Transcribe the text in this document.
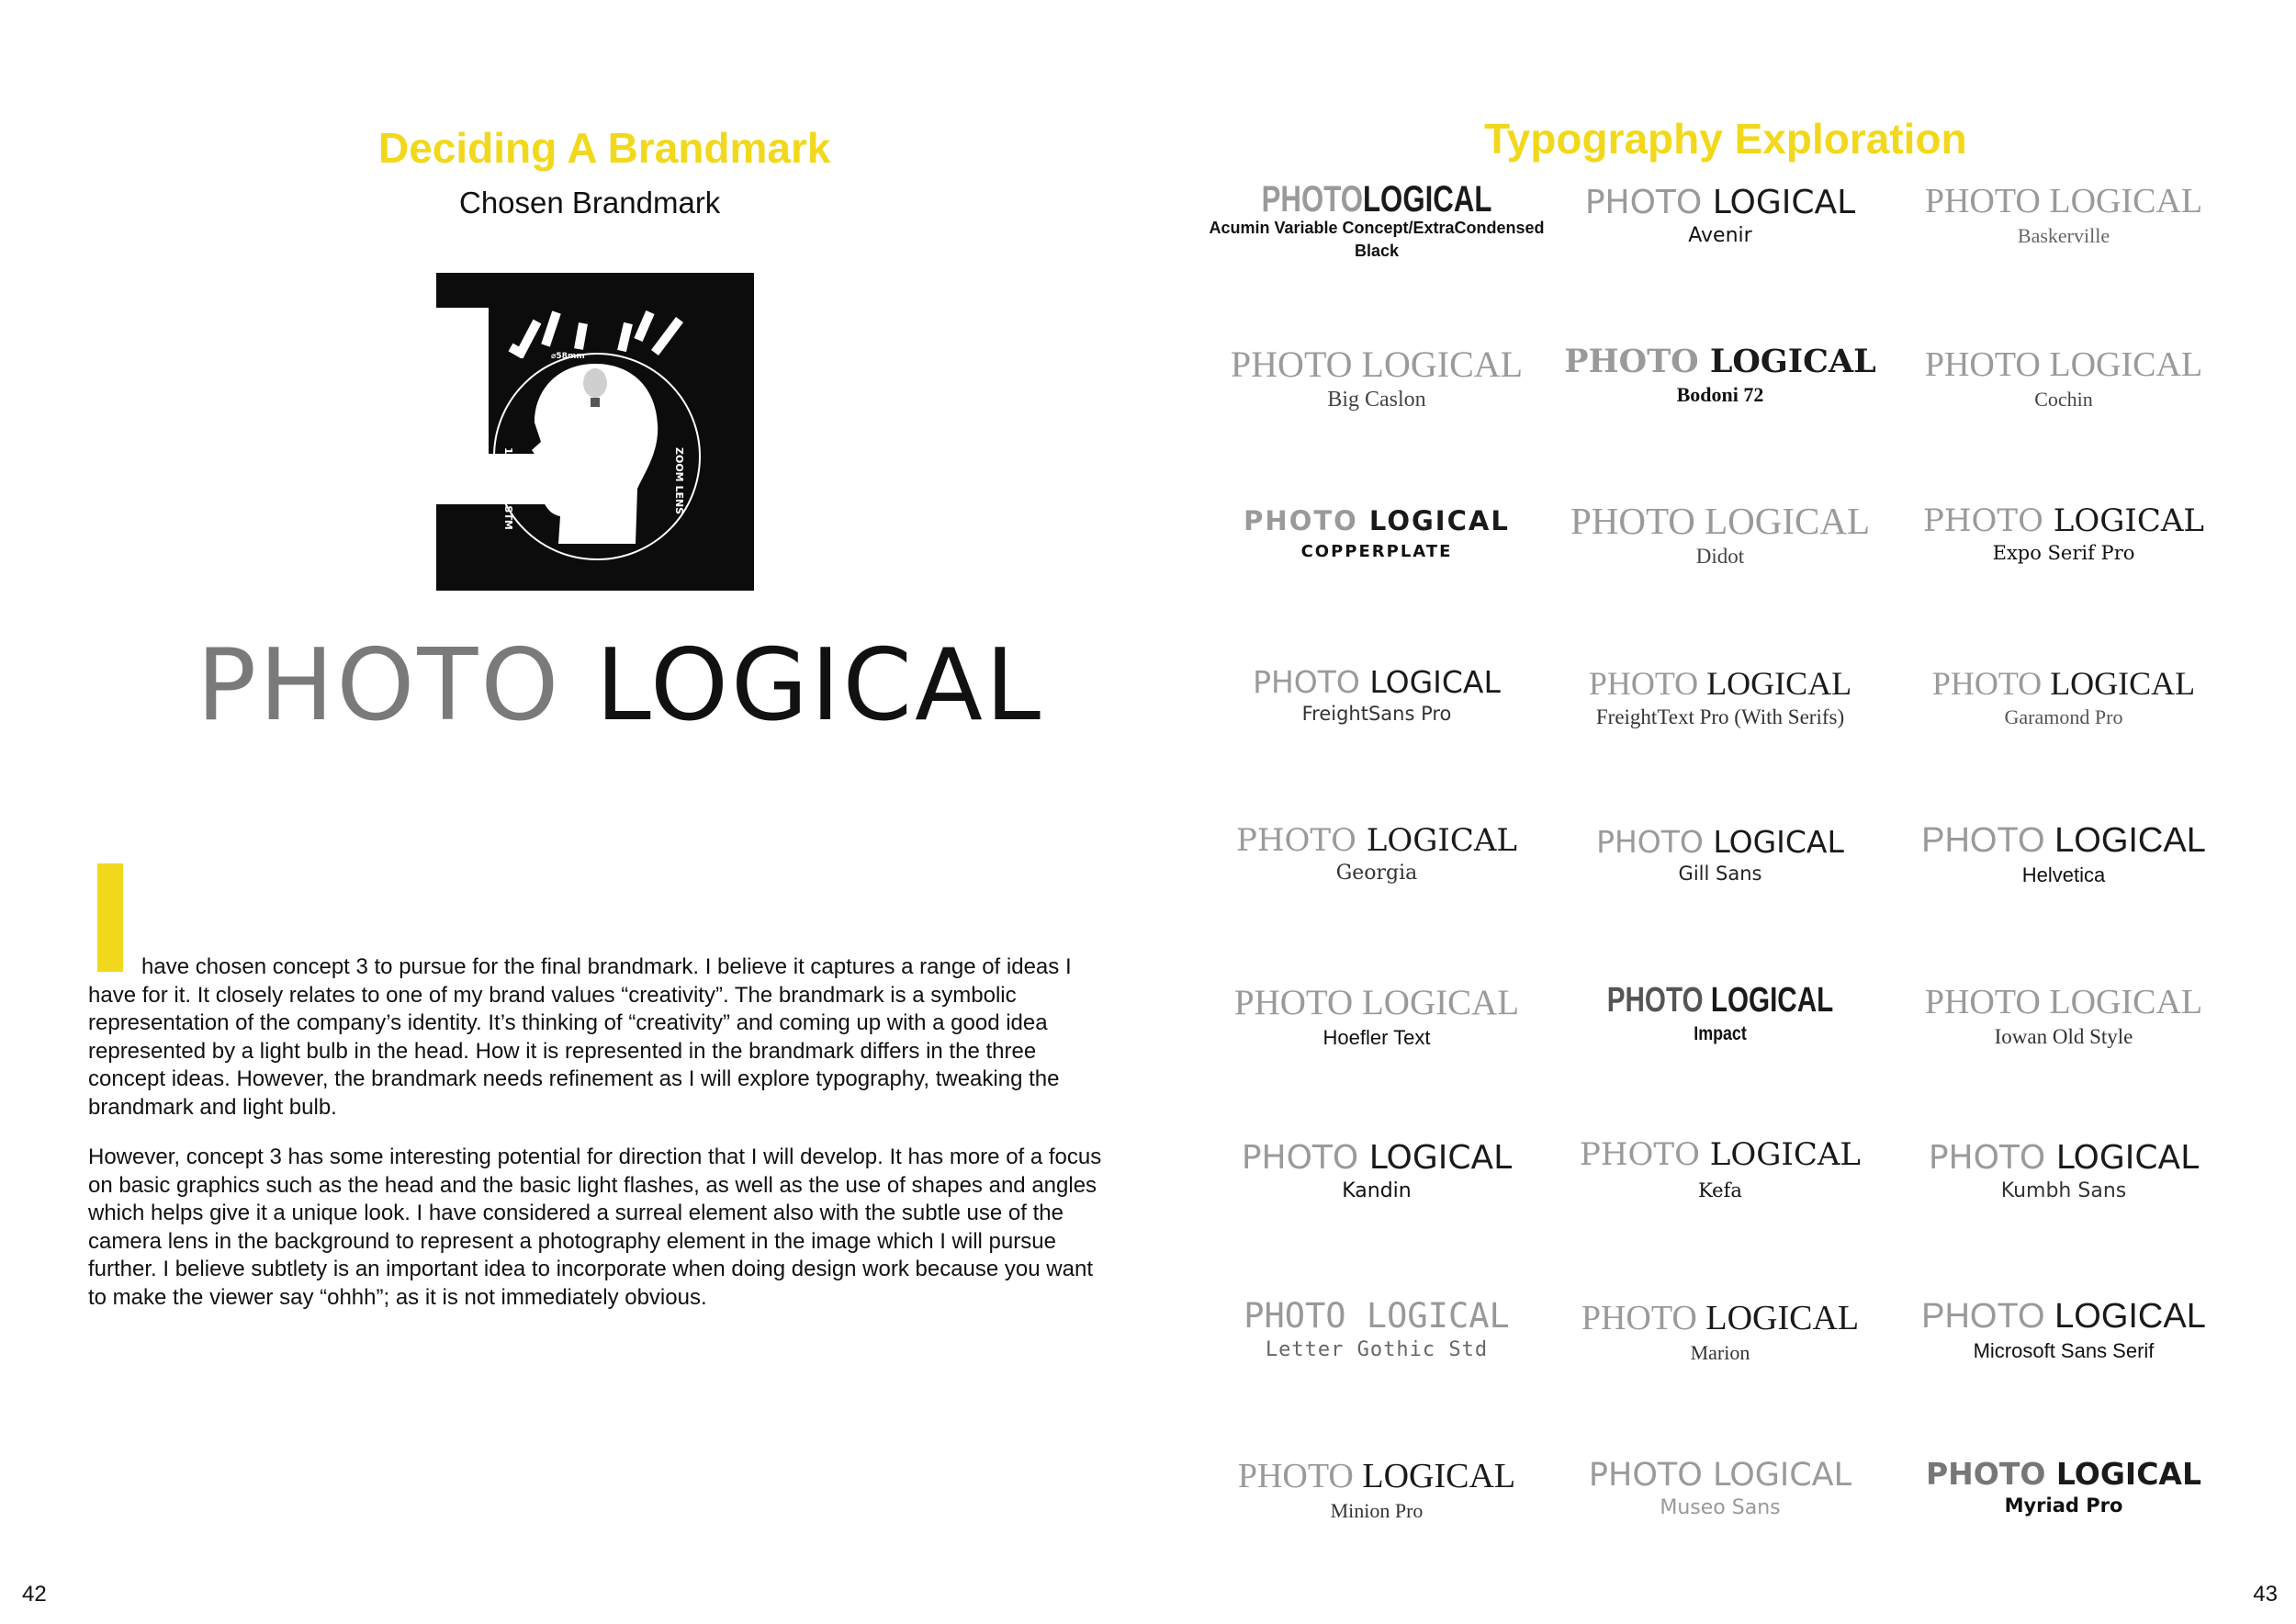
Deciding A Brandmark
Chosen Brandmark
⌀58mm
ZOOM LENS
1:3.5-6 IS STM
PHOTO LOGICAL

have chosen concept 3 to pursue for the final brandmark. I believe it captures a range of ideas I have for it. It closely relates to one of my brand values “creativity”. The brandmark is a symbolic representation of the company’s identity. It’s thinking of “creativity” and coming up with a good idea represented by a light bulb in the head. How it is represented in the brandmark differs in the three concept ideas. However, the brandmark needs refinement as I will explore typography, tweaking the brandmark and light bulb.

However, concept 3 has some interesting potential for direction that I will develop. It has more of a focus on basic graphics such as the head and the basic light flashes, as well as the use of shapes and angles which helps give it a unique look. I have considered a surreal element also with the subtle use of the camera lens in the background to represent a photography element in the image which I will pursue further. I believe subtlety is an important idea to incorporate when doing design work because you want to make the viewer say “ohhh”; as it is not immediately obvious.

42
Typography Exploration
PHOTOLOGICAL
Acumin Variable Concept/ExtraCondensed
Black
PHOTO LOGICAL
Avenir
PHOTO LOGICAL
Baskerville
PHOTO LOGICAL
Big Caslon
PHOTO LOGICAL
Bodoni 72
PHOTO LOGICAL
Cochin
PHOTO LOGICAL
COPPERPLATE
PHOTO LOGICAL
Didot
PHOTO LOGICAL
Expo Serif Pro
PHOTO LOGICAL
FreightSans Pro
PHOTO LOGICAL
FreightText Pro (With Serifs)
PHOTO LOGICAL
Garamond Pro
PHOTO LOGICAL
Georgia
PHOTO LOGICAL
Gill Sans
PHOTO LOGICAL
Helvetica
PHOTO LOGICAL
Hoefler Text
PHOTO LOGICAL
Impact
PHOTO LOGICAL
Iowan Old Style
PHOTO LOGICAL
Kandin
PHOTO LOGICAL
Kefa
PHOTO LOGICAL
Kumbh Sans
PHOTO LOGICAL
Letter Gothic Std
PHOTO LOGICAL
Marion
PHOTO LOGICAL
Microsoft Sans Serif
PHOTO LOGICAL
Minion Pro
PHOTO LOGICAL
Museo Sans
PHOTO LOGICAL
Myriad Pro
43
